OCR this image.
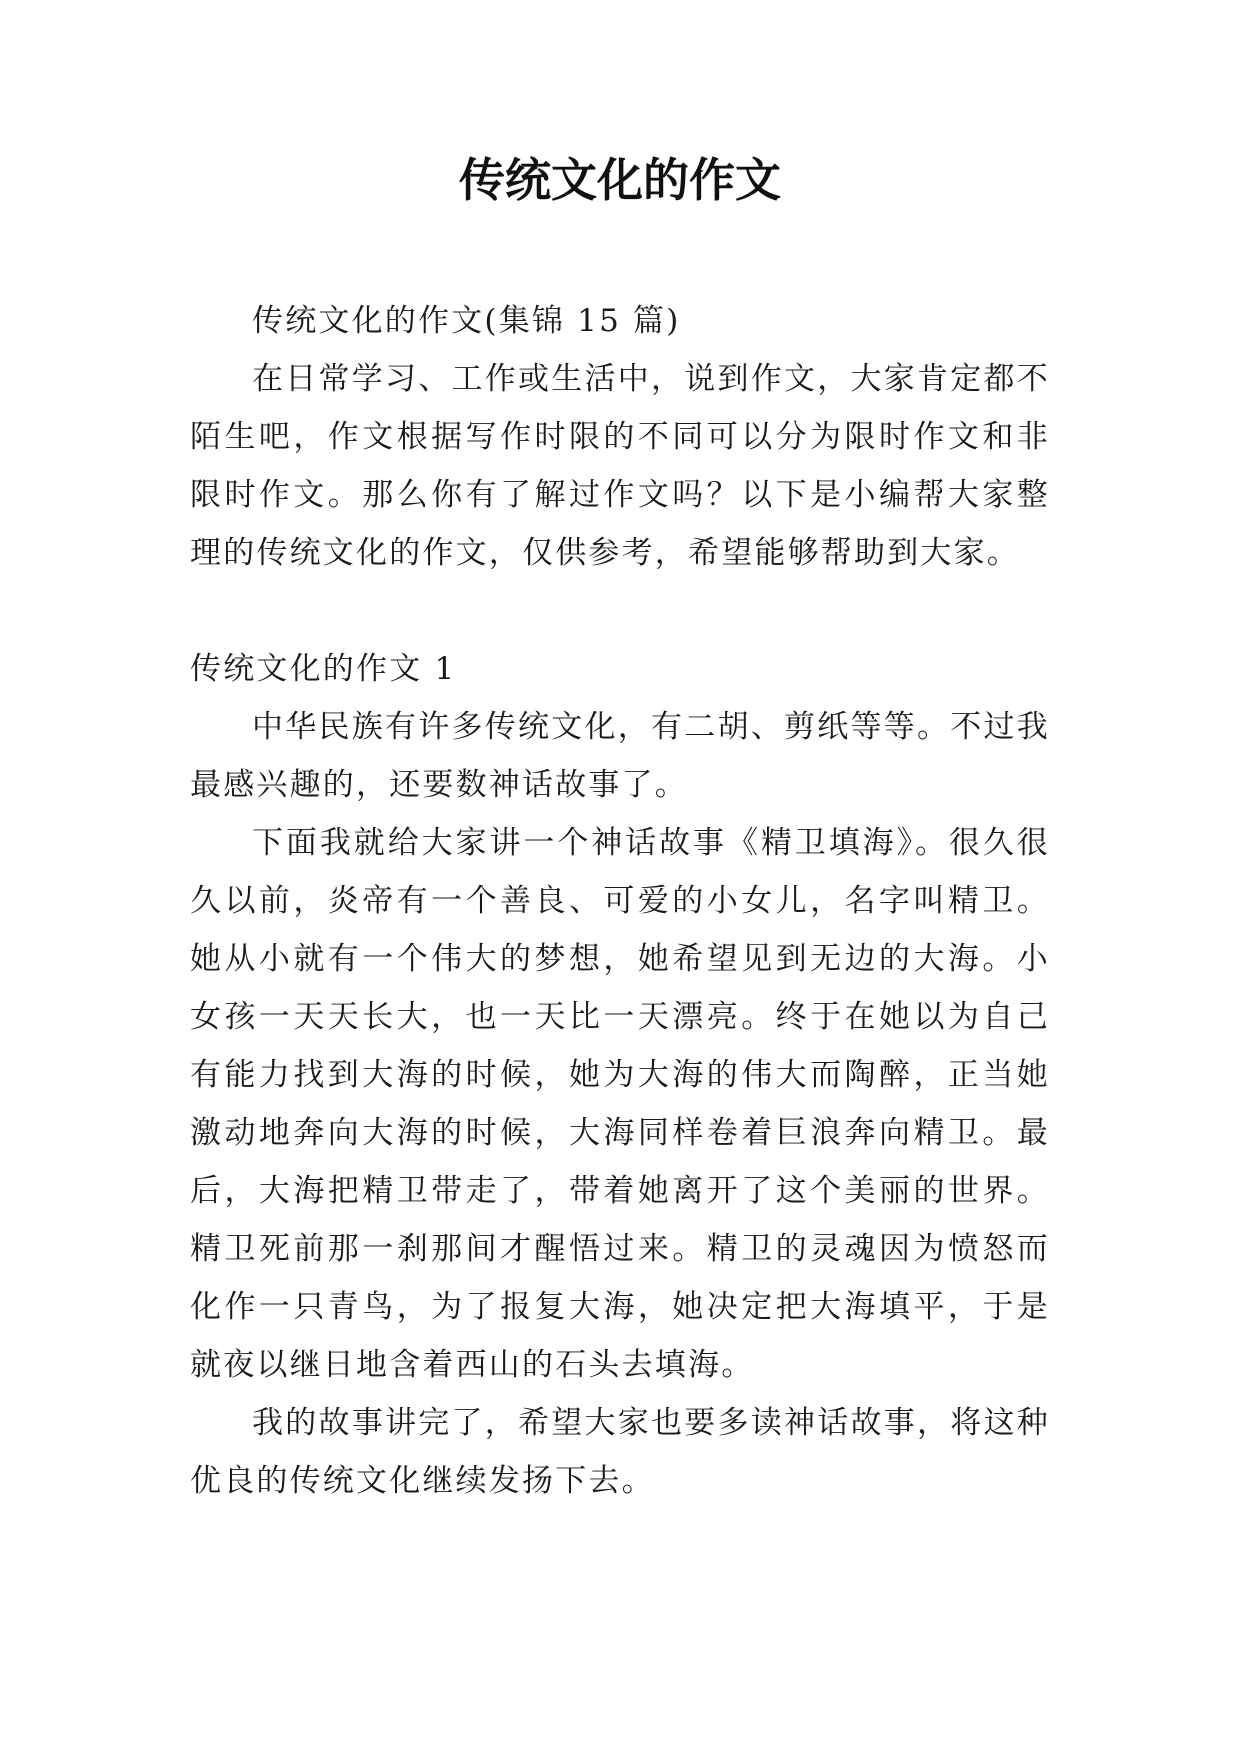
传统文化的作文

传统文化的作文(集锦 15 篇)

在日常学习、工作或生活中，说到作文，大家肯定都不陌生吧，作文根据写作时限的不同可以分为限时作文和非限时作文。那么你有了解过作文吗？以下是小编帮大家整理的传统文化的作文，仅供参考，希望能够帮助到大家。

传统文化的作文 1

中华民族有许多传统文化，有二胡、剪纸等等。不过我最感兴趣的，还要数神话故事了。

下面我就给大家讲一个神话故事《精卫填海》。很久很久以前，炎帝有一个善良、可爱的小女儿，名字叫精卫。她从小就有一个伟大的梦想，她希望见到无边的大海。小女孩一天天长大，也一天比一天漂亮。终于在她以为自己有能力找到大海的时候，她为大海的伟大而陶醉，正当她激动地奔向大海的时候，大海同样卷着巨浪奔向精卫。最后，大海把精卫带走了，带着她离开了这个美丽的世界。精卫死前那一刹那间才醒悟过来。精卫的灵魂因为愤怒而化作一只青鸟，为了报复大海，她决定把大海填平，于是就夜以继日地含着西山的石头去填海。

我的故事讲完了，希望大家也要多读神话故事，将这种优良的传统文化继续发扬下去。
